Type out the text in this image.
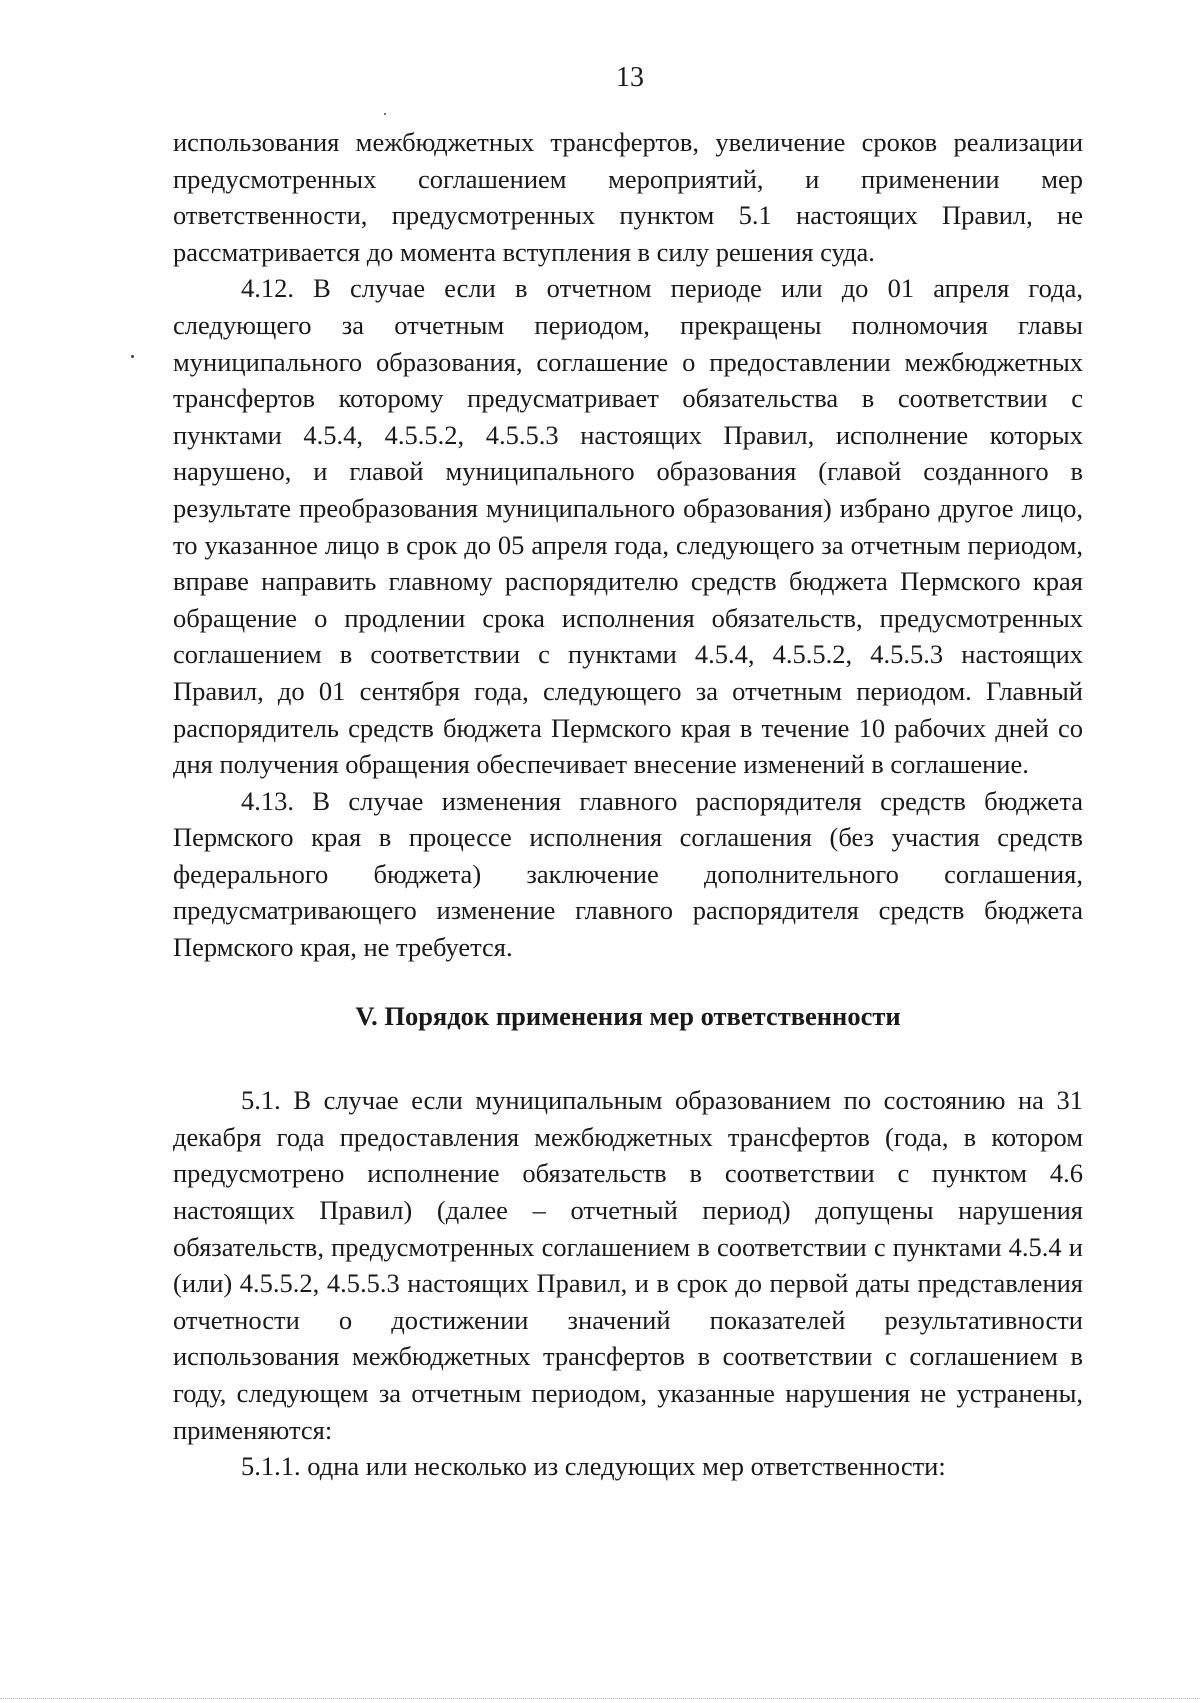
13

использования межбюджетных трансфертов, увеличение сроков реализации предусмотренных соглашением мероприятий, и применении мер ответственности, предусмотренных пунктом 5.1 настоящих Правил, не рассматривается до момента вступления в силу решения суда.

4.12. В случае если в отчетном периоде или до 01 апреля года, следующего за отчетным периодом, прекращены полномочия главы муниципального образования, соглашение о предоставлении межбюджетных трансфертов которому предусматривает обязательства в соответствии с пунктами 4.5.4, 4.5.5.2, 4.5.5.3 настоящих Правил, исполнение которых нарушено, и главой муниципального образования (главой созданного в результате преобразования муниципального образования) избрано другое лицо, то указанное лицо в срок до 05 апреля года, следующего за отчетным периодом, вправе направить главному распорядителю средств бюджета Пермского края обращение о продлении срока исполнения обязательств, предусмотренных соглашением в соответствии с пунктами 4.5.4, 4.5.5.2, 4.5.5.3 настоящих Правил, до 01 сентября года, следующего за отчетным периодом. Главный распорядитель средств бюджета Пермского края в течение 10 рабочих дней со дня получения обращения обеспечивает внесение изменений в соглашение.

4.13. В случае изменения главного распорядителя средств бюджета Пермского края в процессе исполнения соглашения (без участия средств федерального бюджета) заключение дополнительного соглашения, предусматривающего изменение главного распорядителя средств бюджета Пермского края, не требуется.

V. Порядок применения мер ответственности

5.1. В случае если муниципальным образованием по состоянию на 31 декабря года предоставления межбюджетных трансфертов (года, в котором предусмотрено исполнение обязательств в соответствии с пунктом 4.6 настоящих Правил) (далее – отчетный период) допущены нарушения обязательств, предусмотренных соглашением в соответствии с пунктами 4.5.4 и (или) 4.5.5.2, 4.5.5.3 настоящих Правил, и в срок до первой даты представления отчетности о достижении значений показателей результативности использования межбюджетных трансфертов в соответствии с соглашением в году, следующем за отчетным периодом, указанные нарушения не устранены, применяются:

5.1.1. одна или несколько из следующих мер ответственности:
